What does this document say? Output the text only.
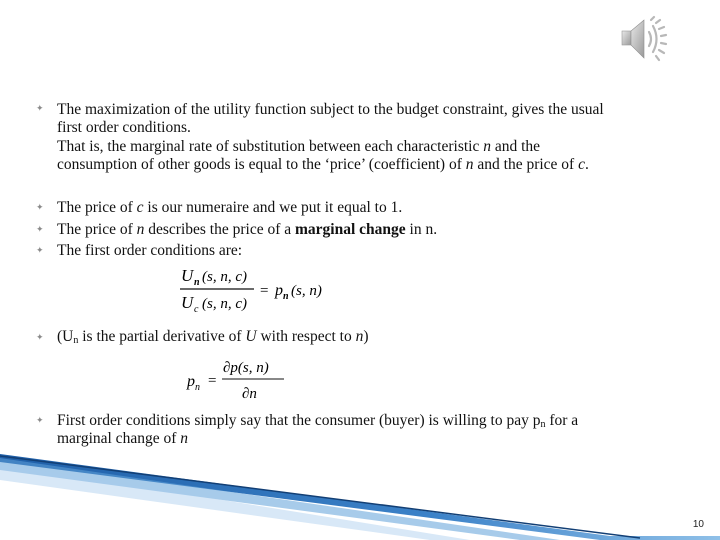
✦ The maximization of the utility function subject to the budget constraint, gives the usual
first order conditions.
That is, the marginal rate of substitution between each characteristic n and the
consumption of other goods is equal to the ‘price’ (coefficient) of n and the price of c.
✦ The price of c is our numeraire and we put it equal to 1.
✦ The price of n describes the price of a marginal change in n.
✦ The first order conditions are:
U n (s, n, c)
U c (s, n, c)
= p n (s, n)
✦ ($U_n$ is the partial derivative of U with respect to n)
p n =
∂p(s, n)
∂n
✦ First order conditions simply say that the consumer (buyer) is willing to pay $p_n$ for a
marginal change of n
10
